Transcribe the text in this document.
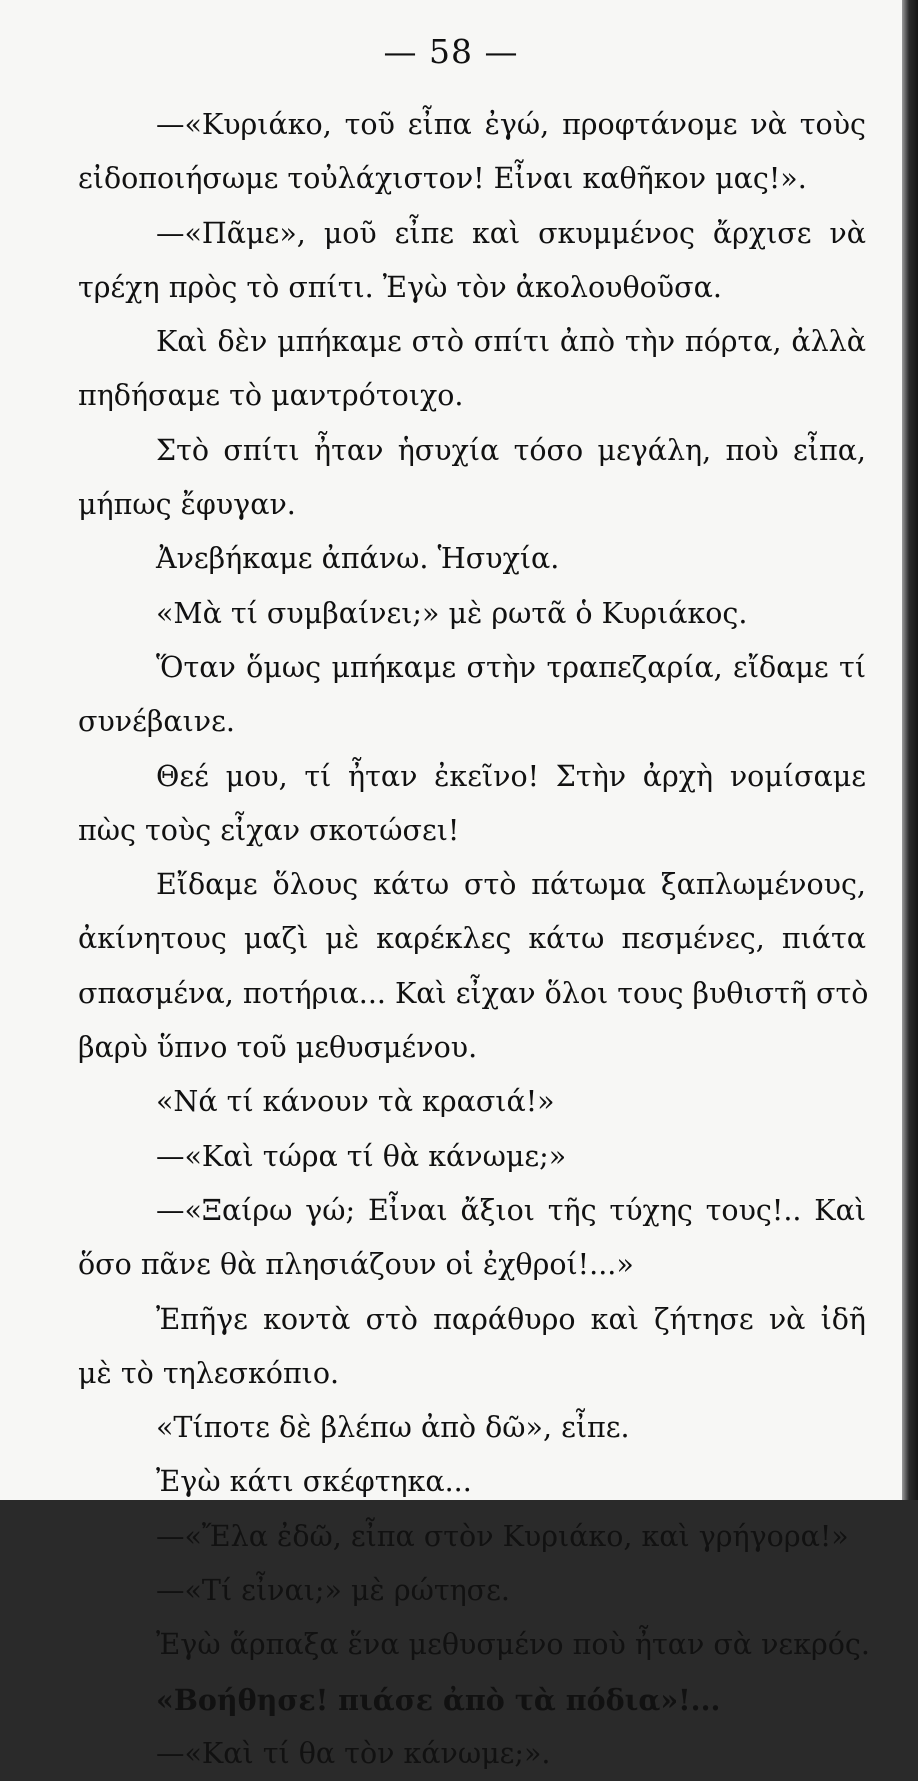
— 58 —
—«Κυριάκο, τοῦ εἶπα ἐγώ, προφτάνομε νὰ τοὺς
εἰδοποιήσωμε τοὐλάχιστον! Εἶναι καθῆκον μας!».
—«Πᾶμε», μοῦ εἶπε καὶ σκυμμένος ἄρχισε νὰ
τρέχη πρὸς τὸ σπίτι. Ἐγὼ τὸν ἀκολουθοῦσα.
Καὶ δὲν μπήκαμε στὸ σπίτι ἀπὸ τὴν πόρτα, ἀλλὰ
πηδήσαμε τὸ μαντρότοιχο.
Στὸ σπίτι ἦταν ἡσυχία τόσο μεγάλη, ποὺ εἶπα,
μήπως ἔφυγαν.
Ἀνεβήκαμε ἀπάνω. Ἡσυχία.
«Μὰ τί συμβαίνει;» μὲ ρωτᾶ ὁ Κυριάκος.
Ὅταν ὅμως μπήκαμε στὴν τραπεζαρία, εἴδαμε τί
συνέβαινε.
Θεέ μου, τί ἦταν ἐκεῖνο! Στὴν ἀρχὴ νομίσαμε
πὼς τοὺς εἶχαν σκοτώσει!
Εἴδαμε ὅλους κάτω στὸ πάτωμα ξαπλωμένους,
ἀκίνητους μαζὶ μὲ καρέκλες κάτω πεσμένες, πιάτα
σπασμένα, ποτήρια... Καὶ εἶχαν ὅλοι τους βυθιστῆ στὸ
βαρὺ ὕπνο τοῦ μεθυσμένου.
«Νά τί κάνουν τὰ κρασιά!»
—«Καὶ τώρα τί θὰ κάνωμε;»
—«Ξαίρω γώ; Εἶναι ἄξιοι τῆς τύχης τους!.. Καὶ
ὅσο πᾶνε θὰ πλησιάζουν οἱ ἐχθροί!...»
Ἐπῆγε κοντὰ στὸ παράθυρο καὶ ζήτησε νὰ ἰδῆ
μὲ τὸ τηλεσκόπιο.
«Τίποτε δὲ βλέπω ἀπὸ δῶ», εἶπε.
Ἐγὼ κάτι σκέφτηκα...
—«Ἔλα ἐδῶ, εἶπα στὸν Κυριάκο, καὶ γρήγορα!»
—«Τί εἶναι;» μὲ ρώτησε.
Ἐγὼ ἅρπαξα ἕνα μεθυσμένο ποὺ ἦταν σὰ νεκρός.
«Βοήθησε! πιάσε ἀπὸ τὰ πόδια»!...
—«Καὶ τί θα τὸν κάνωμε;».
